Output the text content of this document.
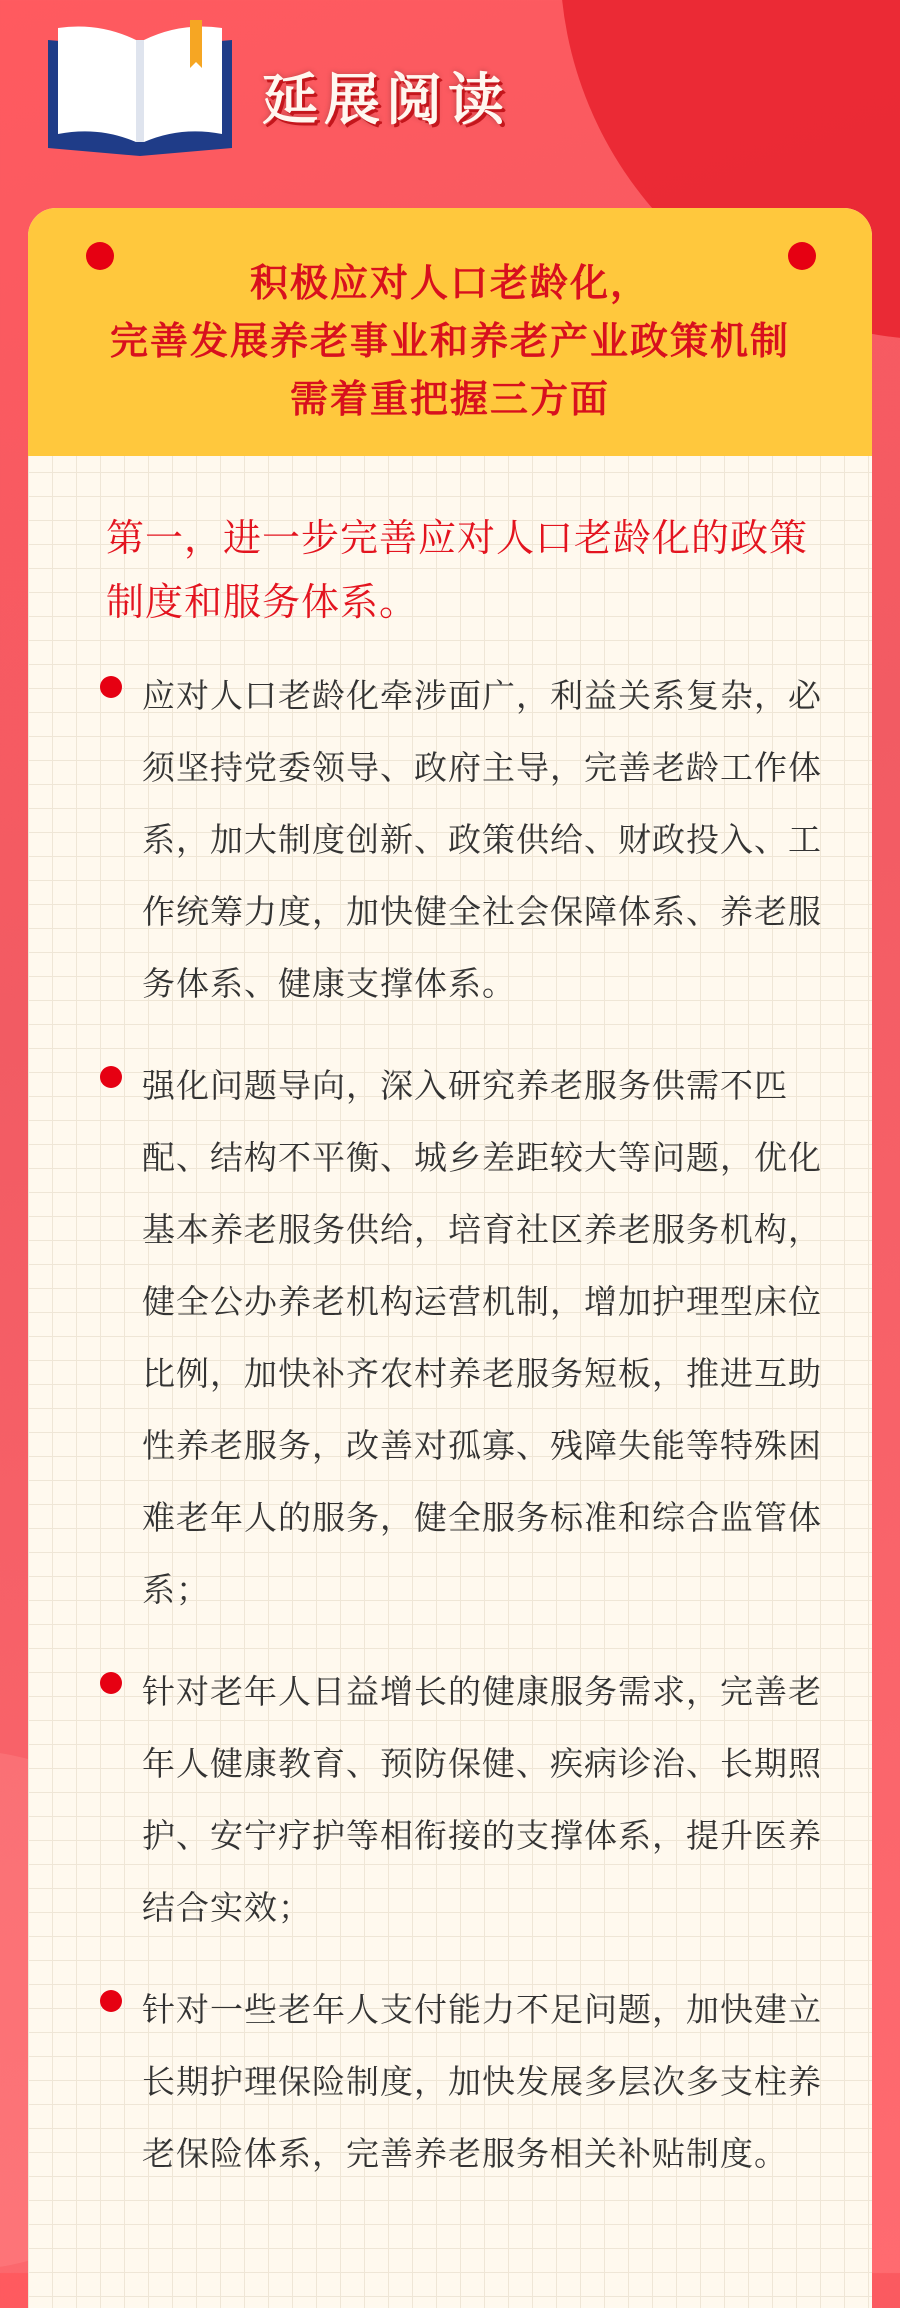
延展阅读
积极应对人口老龄化，
完善发展养老事业和养老产业政策机制
需着重把握三方面
第一，进一步完善应对人口老龄化的政策制度和服务体系。
应对人口老龄化牵涉面广，利益关系复杂，必须坚持党委领导、政府主导，完善老龄工作体系，加大制度创新、政策供给、财政投入、工作统筹力度，加快健全社会保障体系、养老服务体系、健康支撑体系。
强化问题导向，深入研究养老服务供需不匹配、结构不平衡、城乡差距较大等问题，优化基本养老服务供给，培育社区养老服务机构，健全公办养老机构运营机制，增加护理型床位比例，加快补齐农村养老服务短板，推进互助性养老服务，改善对孤寡、残障失能等特殊困难老年人的服务，健全服务标准和综合监管体系；
针对老年人日益增长的健康服务需求，完善老年人健康教育、预防保健、疾病诊治、长期照护、安宁疗护等相衔接的支撑体系，提升医养结合实效；
针对一些老年人支付能力不足问题，加快建立长期护理保险制度，加快发展多层次多支柱养老保险体系，完善养老服务相关补贴制度。
